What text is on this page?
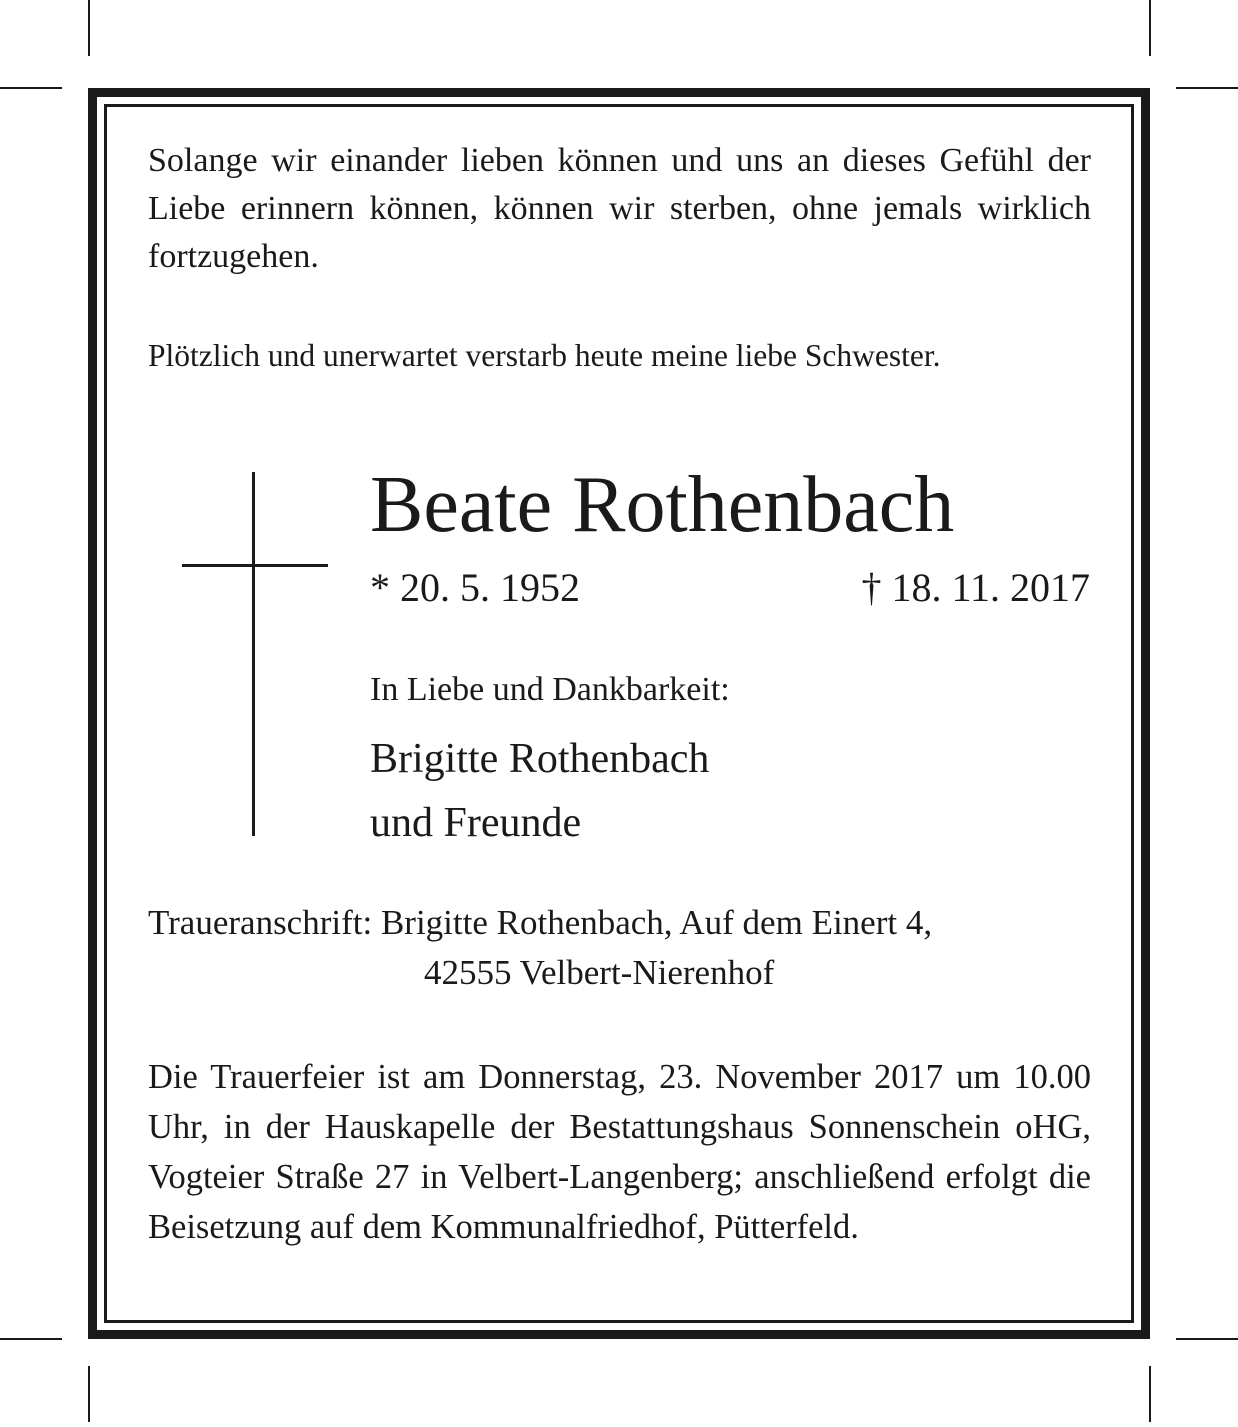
Solange wir einander lieben können und uns an dieses Gefühl der Liebe erinnern können, können wir sterben, ohne jemals wirklich fortzugehen.

Plötzlich und unerwartet verstarb heute meine liebe Schwester.

Beate Rothenbach
* 20. 5. 1952	† 18. 11. 2017
In Liebe und Dankbarkeit:
Brigitte Rothenbach
und Freunde
Traueranschrift: Brigitte Rothenbach, Auf dem Einert 4,
42555 Velbert-Nierenhof

Die Trauerfeier ist am Donnerstag, 23. November 2017 um 10.00 Uhr, in der Hauskapelle der Bestattungshaus Sonnenschein oHG, Vogteier Straße 27 in Velbert-Langenberg; anschließend erfolgt die Beisetzung auf dem Kommunalfriedhof, Pütterfeld.
